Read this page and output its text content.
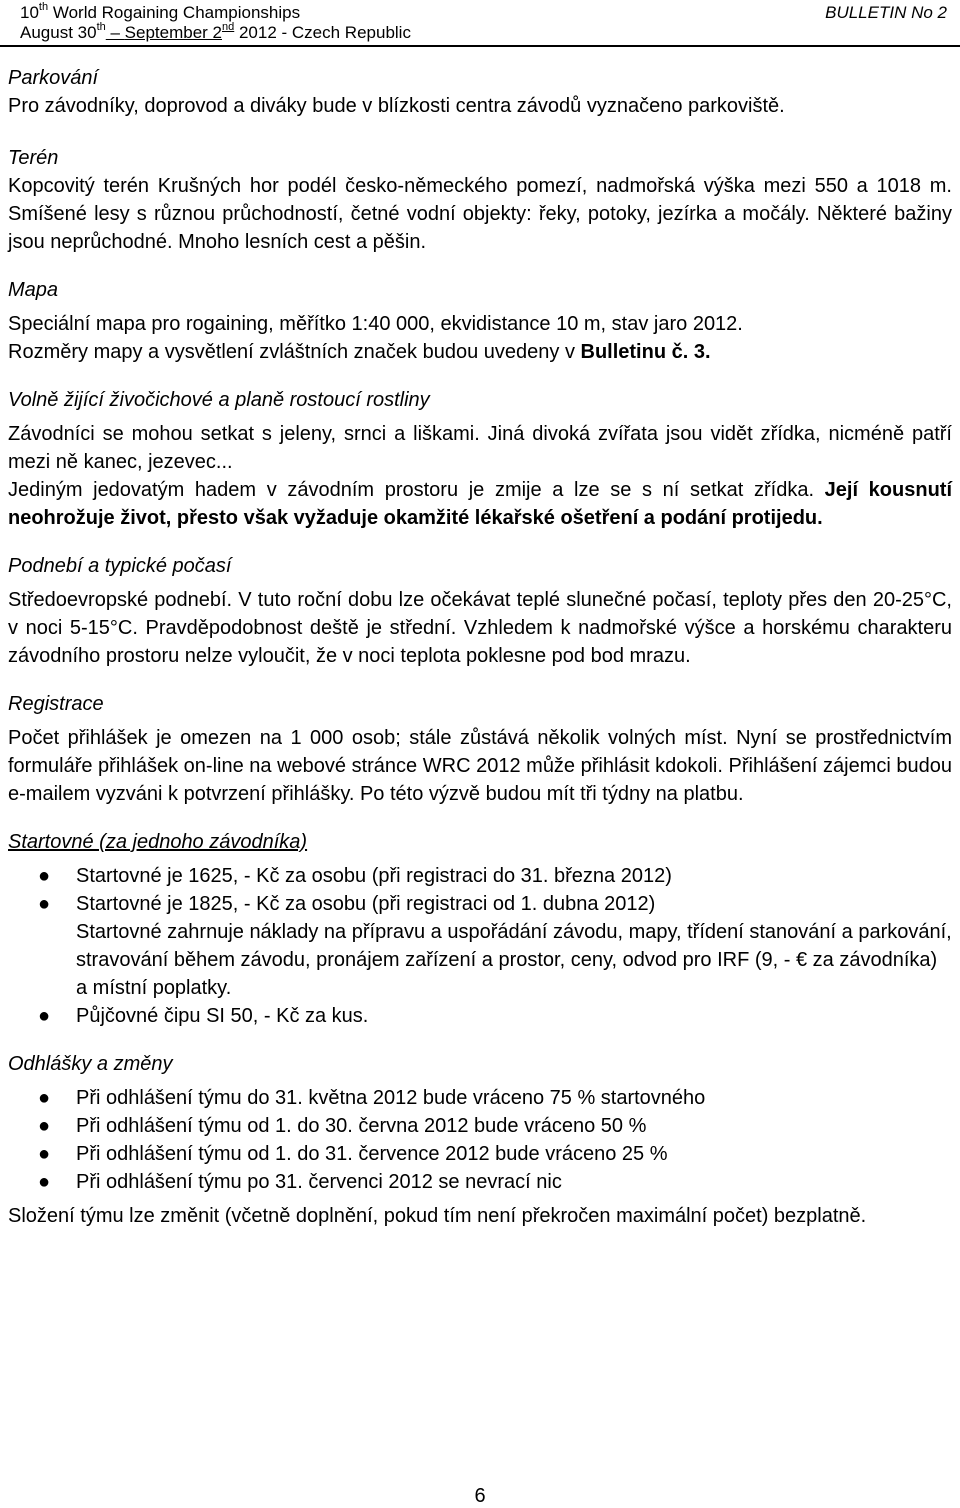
10th World Rogaining Championships
August 30th – September 2nd 2012 - Czech Republic
BULLETIN No 2
Parkování

Pro závodníky, doprovod a diváky bude v blízkosti centra závodů vyznačeno parkoviště.

Terén

Kopcovitý terén Krušných hor podél česko-německého pomezí, nadmořská výška mezi 550 a 1018 m. Smíšené lesy s různou průchodností, četné vodní objekty: řeky, potoky, jezírka a močály. Některé bažiny jsou neprůchodné. Mnoho lesních cest a pěšin.

Mapa

Speciální mapa pro rogaining, měřítko 1:40 000, ekvidistance 10 m, stav jaro 2012.

Rozměry mapy a vysvětlení zvláštních značek budou uvedeny v Bulletinu č. 3.

Volně žijící živočichové a planě rostoucí rostliny

Závodníci se mohou setkat s jeleny, srnci a liškami. Jiná divoká zvířata jsou vidět zřídka, nicméně patří mezi ně kanec, jezevec...

Jediným jedovatým hadem v závodním prostoru je zmije a lze se s ní setkat zřídka. Její kousnutí neohrožuje život, přesto však vyžaduje okamžité lékařské ošetření a podání protijedu.

Podnebí a typické počasí

Středoevropské podnebí. V tuto roční dobu lze očekávat teplé slunečné počasí, teploty přes den 20-25°C, v noci 5-15°C. Pravděpodobnost deště je střední. Vzhledem k nadmořské výšce a horskému charakteru závodního prostoru nelze vyloučit, že v noci teplota poklesne pod bod mrazu.

Registrace

Počet přihlášek je omezen na 1 000 osob; stále zůstává několik volných míst. Nyní se prostřednictvím formuláře přihlášek on-line na webové stránce WRC 2012 může přihlásit kdokoli. Přihlášení zájemci budou e-mailem vyzváni k potvrzení přihlášky. Po této výzvě budou mít tři týdny na platbu.

Startovné (za jednoho závodníka)
● Startovné je 1625, - Kč za osobu (při registraci do 31. března 2012)
● Startovné je 1825, - Kč za osobu (při registraci od 1. dubna 2012)
Startovné zahrnuje náklady na přípravu a uspořádání závodu, mapy, třídení stanování a parkování, stravování během závodu, pronájem zařízení a prostor, ceny, odvod pro IRF (9, - € za závodníka) a místní poplatky.
● Půjčovné čipu SI 50, - Kč za kus.
Odhlášky a změny
● Při odhlášení týmu do 31. května 2012 bude vráceno 75 % startovného
● Při odhlášení týmu od 1. do 30. června 2012 bude vráceno 50 %
● Při odhlášení týmu od 1. do 31. července 2012 bude vráceno 25 %
● Při odhlášení týmu po 31. červenci 2012 se nevrací nic

Složení týmu lze změnit (včetně doplnění, pokud tím není překročen maximální počet) bezplatně.

6
